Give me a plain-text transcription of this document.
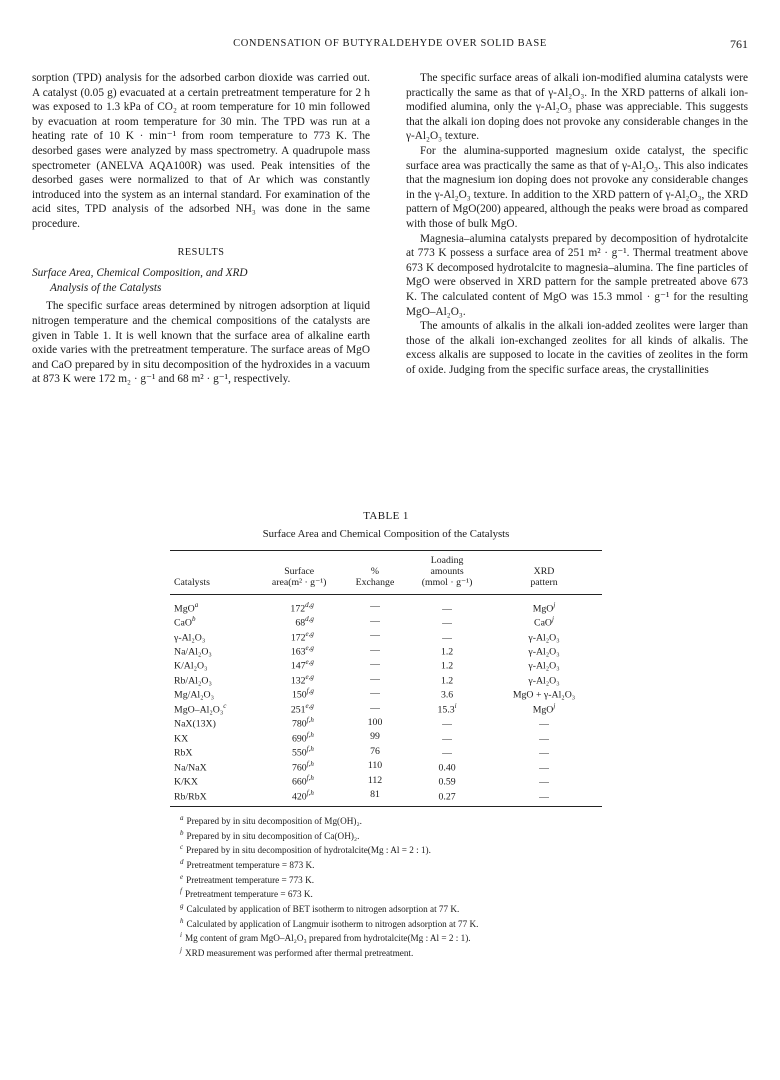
CONDENSATION OF BUTYRALDEHYDE OVER SOLID BASE	761

sorption (TPD) analysis for the adsorbed carbon dioxide was carried out. A catalyst (0.05 g) evacuated at a certain pretreatment temperature for 2 h was exposed to 1.3 kPa of CO₂ at room temperature for 10 min followed by evacuation at room temperature for 30 min. The TPD was run at a heating rate of 10 K · min⁻¹ from room temperature to 773 K. The desorbed gases were analyzed by mass spectrometry. A quadrupole mass spectrometer (ANELVA AQA100R) was used. Peak intensities of the desorbed gases were normalized to that of Ar which was constantly introduced into the system as an internal standard. For examination of the acid sites, TPD analysis of the adsorbed NH₃ was done in the same procedure.

RESULTS
Surface Area, Chemical Composition, and XRD
Analysis of the Catalysts

The specific surface areas determined by nitrogen adsorption at liquid nitrogen temperature and the chemical compositions of the catalysts are given in Table 1. It is well known that the surface area of alkaline earth oxide varies with the pretreatment temperature. The surface areas of MgO and CaO prepared by in situ decomposition of the hydroxides in a vacuum at 873 K were 172 m₂ · g⁻¹ and 68 m² · g⁻¹, respectively.

The specific surface areas of alkali ion-modified alumina catalysts were practically the same as that of γ-Al₂O₃. In the XRD patterns of alkali ion-modified alumina, only the γ-Al₂O₃ phase was appreciable. This suggests that the alkali ion doping does not provoke any considerable changes in the γ-Al₂O₃ texture.

For the alumina-supported magnesium oxide catalyst, the specific surface area was practically the same as that of γ-Al₂O₃. This also indicates that the magnesium ion doping does not provoke any considerable changes in the γ-Al₂O₃ texture. In addition to the XRD pattern of γ-Al₂O₃, the XRD pattern of MgO(200) appeared, although the peaks were broad as compared with those of bulk MgO.

Magnesia–alumina catalysts prepared by decomposition of hydrotalcite at 773 K possess a surface area of 251 m² · g⁻¹. Thermal treatment above 673 K decomposed hydrotalcite to magnesia–alumina. The fine particles of MgO were observed in XRD pattern for the sample pretreated above 673 K. The calculated content of MgO was 15.3 mmol · g⁻¹ for the resulting MgO–Al₂O₃.

The amounts of alkalis in the alkali ion-added zeolites were larger than those of the alkali ion-exchanged zeolites for all kinds of alkalis. The excess alkalis are supposed to locate in the cavities of zeolites in the form of oxide. Judging from the specific surface areas, the crystallinities

TABLE 1
Surface Area and Chemical Composition of the Catalysts
			Loading	
	Surface	%	amounts	XRD
Catalysts	area(m² · g⁻¹)	Exchange	(mmol · g⁻¹)	pattern
MgO$^a$	172$^{d,g}$	—	—	MgO$^j$
CaO$^b$	68$^{d,g}$	—	—	CaO$^j$
γ-Al₂O₃	172$^{e,g}$	—	—	γ-Al₂O₃
Na/Al₂O₃	163$^{e,g}$	—	1.2	γ-Al₂O₃
K/Al₂O₃	147$^{e,g}$	—	1.2	γ-Al₂O₃
Rb/Al₂O₃	132$^{e,g}$	—	1.2	γ-Al₂O₃
Mg/Al₂O₃	150$^{f,g}$	—	3.6	MgO + γ-Al₂O₃
MgO–Al₂O₃$^c$	251$^{e,g}$	—	15.3$^i$	MgO$^j$
NaX(13X)	780$^{f,h}$	100	—	—
KX	690$^{f,h}$	99	—	—
RbX	550$^{f,h}$	76	—	—
Na/NaX	760$^{f,h}$	110	0.40	—
K/KX	660$^{f,h}$	112	0.59	—
Rb/RbX	420$^{f,h}$	81	0.27	—
$^a$ Prepared by in situ decomposition of Mg(OH)₂.
$^b$ Prepared by in situ decomposition of Ca(OH)₂.
$^c$ Prepared by in situ decomposition of hydrotalcite(Mg : Al = 2 : 1).
$^d$ Pretreatment temperature = 873 K.
$^e$ Pretreatment temperature = 773 K.
$^f$ Pretreatment temperature = 673 K.
$^g$ Calculated by application of BET isotherm to nitrogen adsorption at 77 K.
$^h$ Calculated by application of Langmuir isotherm to nitrogen adsorption at 77 K.
$^i$ Mg content of gram MgO–Al₂O₃ prepared from hydrotalcite(Mg : Al = 2 : 1).
$^j$ XRD measurement was performed after thermal pretreatment.
